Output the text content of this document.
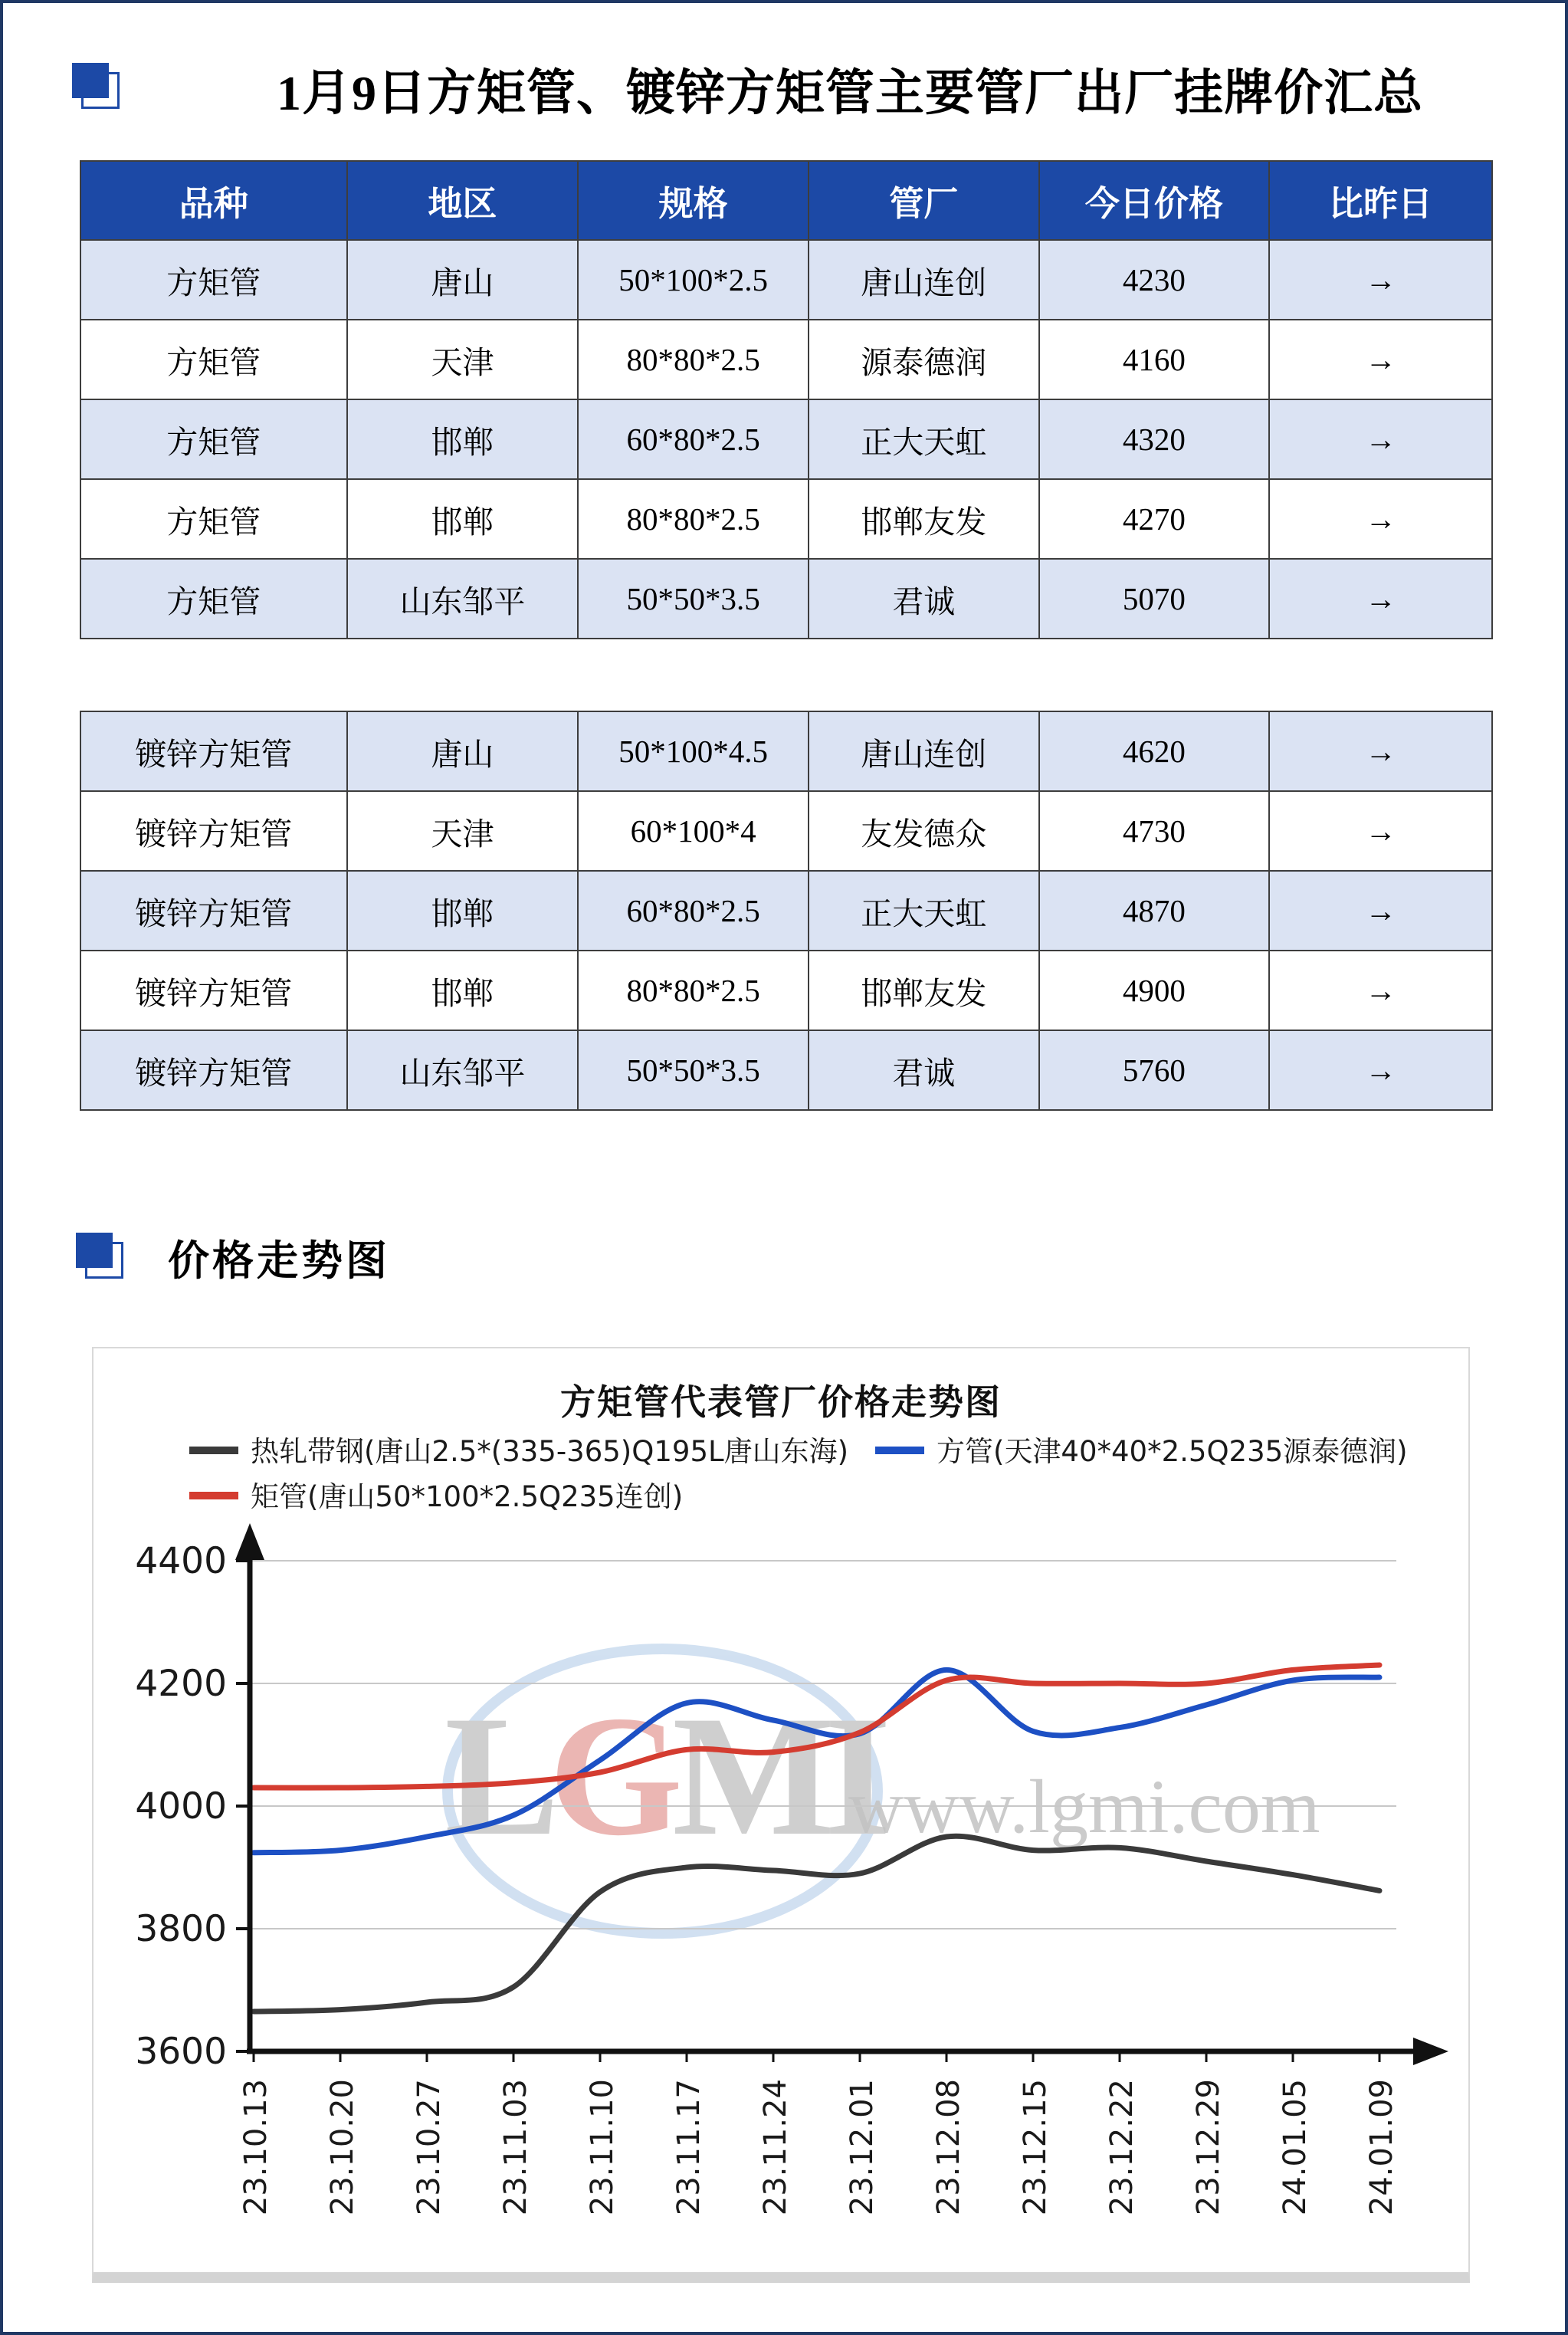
1月9日方矩管、镀锌方矩管主要管厂出厂挂牌价汇总
品种	地区	规格	管厂	今日价格	比昨日
方矩管	唐山	50*100*2.5	唐山连创	4230	→
方矩管	天津	80*80*2.5	源泰德润	4160	→
方矩管	邯郸	60*80*2.5	正大天虹	4320	→
方矩管	邯郸	80*80*2.5	邯郸友发	4270	→
方矩管	山东邹平	50*50*3.5	君诚	5070	→

镀锌方矩管	唐山	50*100*4.5	唐山连创	4620	→
镀锌方矩管	天津	60*100*4	友发德众	4730	→
镀锌方矩管	邯郸	60*80*2.5	正大天虹	4870	→
镀锌方矩管	邯郸	80*80*2.5	邯郸友发	4900	→
镀锌方矩管	山东邹平	50*50*3.5	君诚	5760	→
价格走势图
方矩管代表管厂价格走势图
热轧带钢(唐山2.5*(335-365)Q195L唐山东海)	方管(天津40*40*2.5Q235源泰德润)
矩管(唐山50*100*2.5Q235连创)
LGMI
www.lgmi.com
3600
3800
4000
4200
4400
23.10.13 23.10.20 23.10.27 23.11.03 23.11.10 23.11.17 23.11.24 23.12.01 23.12.08 23.12.15 23.12.22 23.12.29 24.01.05 24.01.09
